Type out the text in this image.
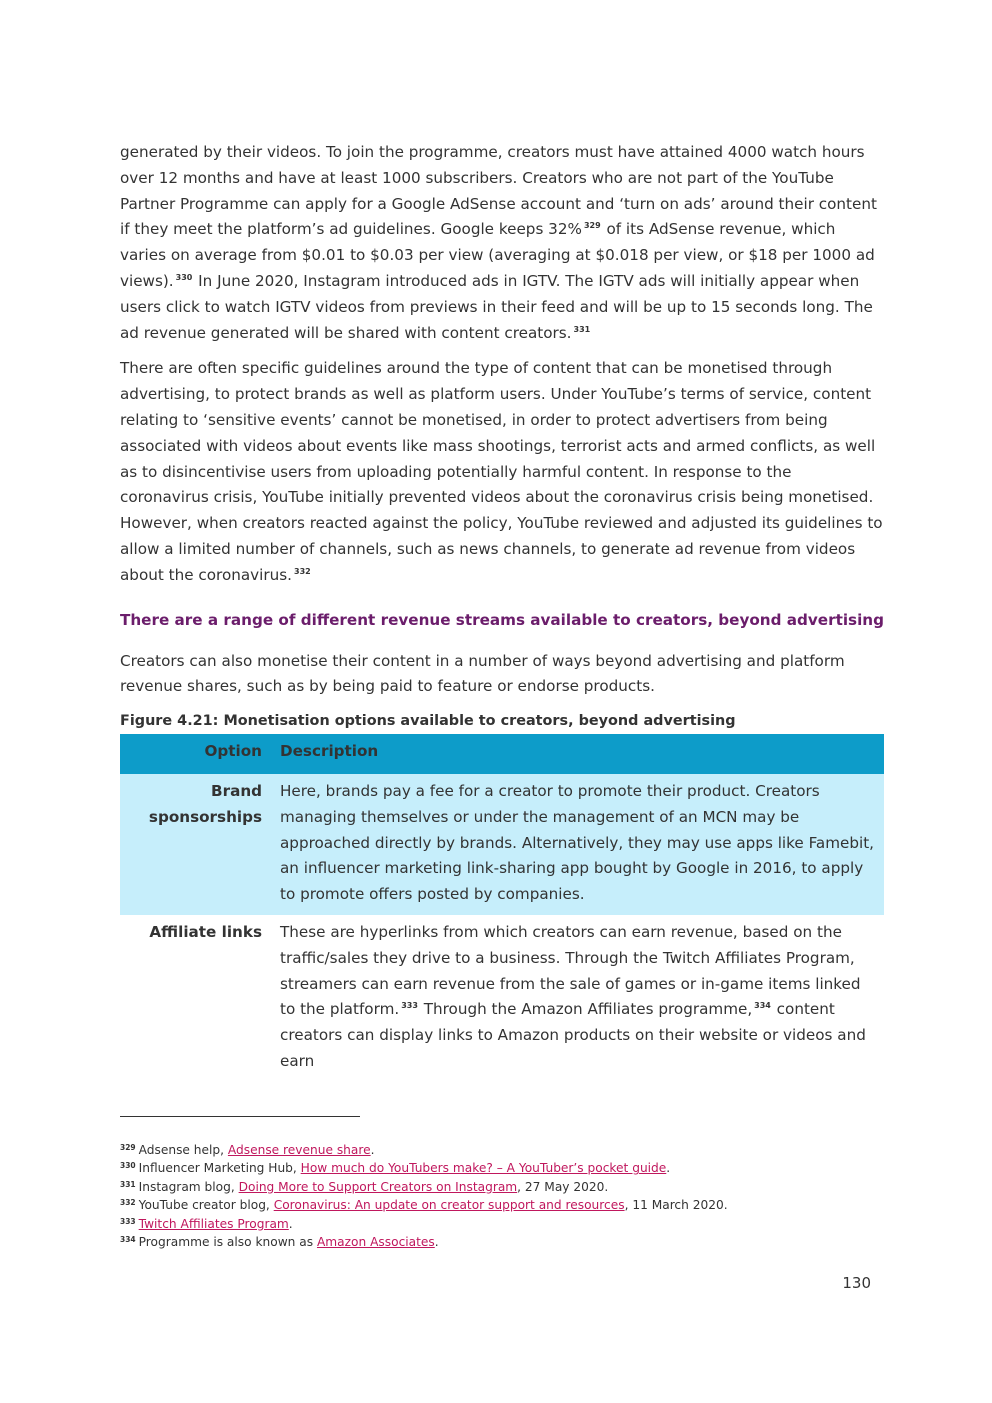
generated by their videos. To join the programme, creators must have attained 4000 watch hours over 12 months and have at least 1000 subscribers. Creators who are not part of the YouTube Partner Programme can apply for a Google AdSense account and ‘turn on ads’ around their content if they meet the platform’s ad guidelines. Google keeps 32% $^{329}$ of its AdSense revenue, which varies on average from $0.01 to $0.03 per view (averaging at $0.018 per view, or $18 per 1000 ad views). $^{330}$ In June 2020, Instagram introduced ads in IGTV. The IGTV ads will initially appear when users click to watch IGTV videos from previews in their feed and will be up to 15 seconds long. The ad revenue generated will be shared with content creators. $^{331}$

There are often specific guidelines around the type of content that can be monetised through advertising, to protect brands as well as platform users. Under YouTube’s terms of service, content relating to ‘sensitive events’ cannot be monetised, in order to protect advertisers from being associated with videos about events like mass shootings, terrorist acts and armed conflicts, as well as to disincentivise users from uploading potentially harmful content. In response to the coronavirus crisis, YouTube initially prevented videos about the coronavirus crisis being monetised. However, when creators reacted against the policy, YouTube reviewed and adjusted its guidelines to allow a limited number of channels, such as news channels, to generate ad revenue from videos about the coronavirus. $^{332}$

There are a range of different revenue streams available to creators, beyond advertising

Creators can also monetise their content in a number of ways beyond advertising and platform revenue shares, such as by being paid to feature or endorse products.

Figure 4.21: Monetisation options available to creators, beyond advertising
Option	Description
Brand sponsorships	Here, brands pay a fee for a creator to promote their product. Creators managing themselves or under the management of an MCN may be approached directly by brands. Alternatively, they may use apps like Famebit, an influencer marketing link-sharing app bought by Google in 2016, to apply to promote offers posted by companies.
Affiliate links	These are hyperlinks from which creators can earn revenue, based on the traffic/sales they drive to a business. Through the Twitch Affiliates Program, streamers can earn revenue from the sale of games or in-game items linked to the platform. $^{333}$ Through the Amazon Affiliates programme, $^{334}$ content creators can display links to Amazon products on their website or videos and earn
$^{329}$ Adsense help, Adsense revenue share.
$^{330}$ Influencer Marketing Hub, How much do YouTubers make? – A YouTuber’s pocket guide.
$^{331}$ Instagram blog, Doing More to Support Creators on Instagram, 27 May 2020.
$^{332}$ YouTube creator blog, Coronavirus: An update on creator support and resources, 11 March 2020.
$^{333}$ Twitch Affiliates Program.
$^{334}$ Programme is also known as Amazon Associates.
130
